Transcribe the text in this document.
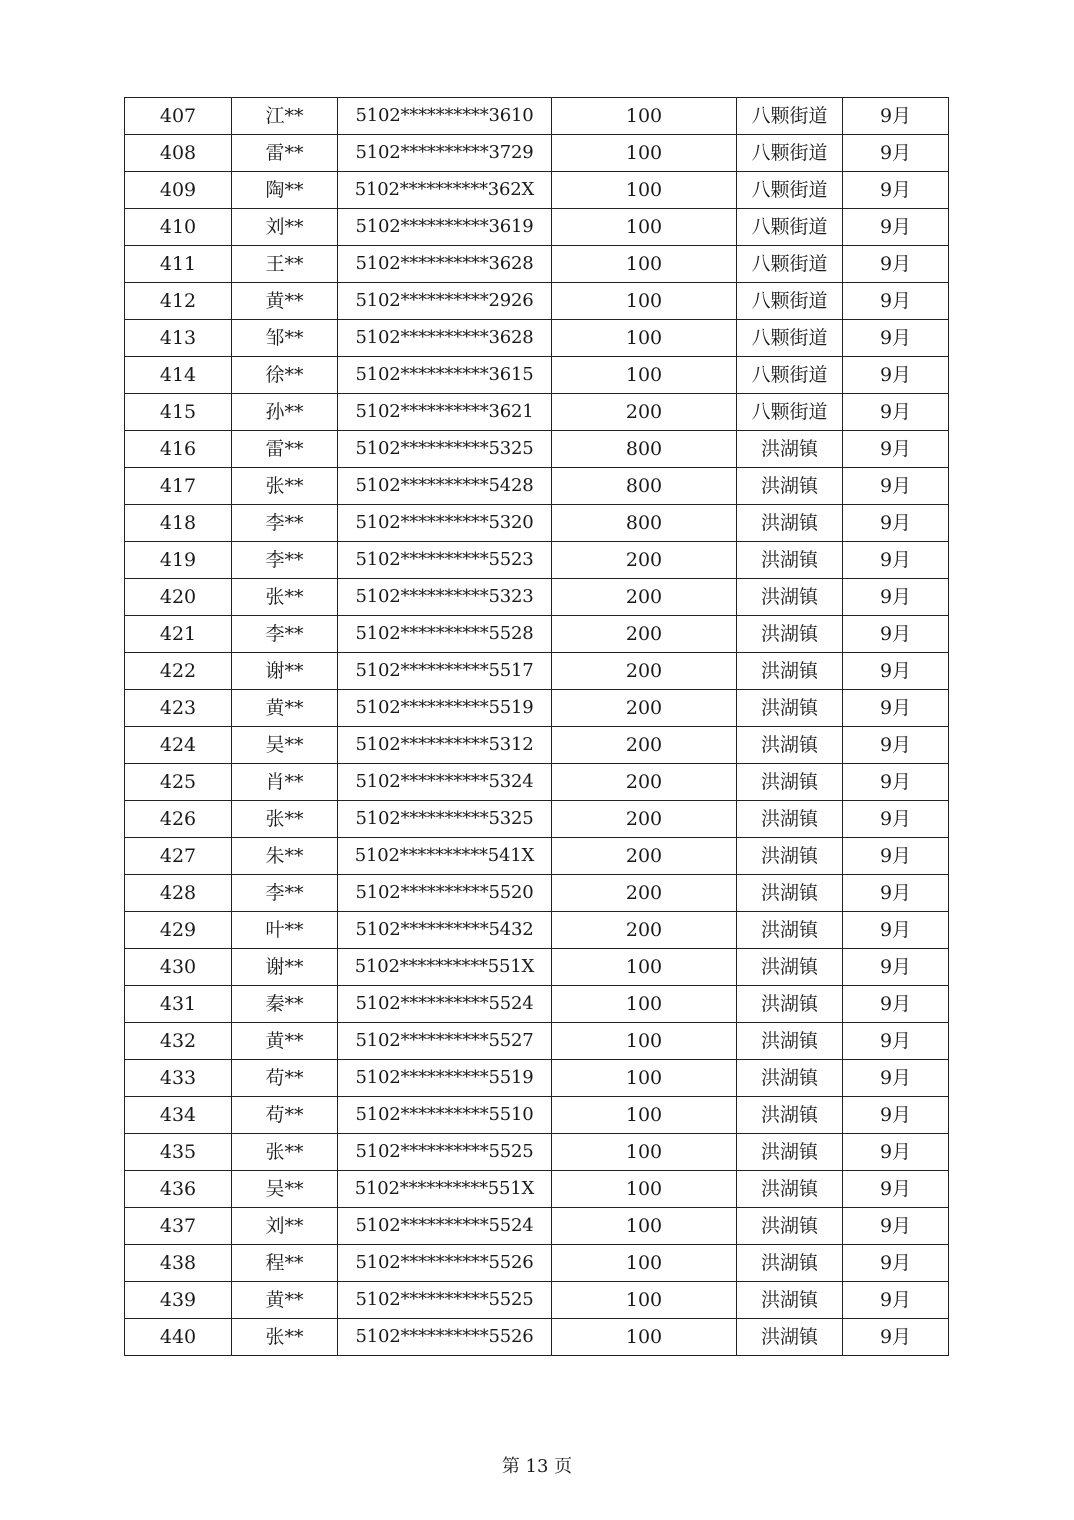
407	江**	5102**********3610	100	八颗街道	9月
408	雷**	5102**********3729	100	八颗街道	9月
409	陶**	5102**********362X	100	八颗街道	9月
410	刘**	5102**********3619	100	八颗街道	9月
411	王**	5102**********3628	100	八颗街道	9月
412	黄**	5102**********2926	100	八颗街道	9月
413	邹**	5102**********3628	100	八颗街道	9月
414	徐**	5102**********3615	100	八颗街道	9月
415	孙**	5102**********3621	200	八颗街道	9月
416	雷**	5102**********5325	800	洪湖镇	9月
417	张**	5102**********5428	800	洪湖镇	9月
418	李**	5102**********5320	800	洪湖镇	9月
419	李**	5102**********5523	200	洪湖镇	9月
420	张**	5102**********5323	200	洪湖镇	9月
421	李**	5102**********5528	200	洪湖镇	9月
422	谢**	5102**********5517	200	洪湖镇	9月
423	黄**	5102**********5519	200	洪湖镇	9月
424	吴**	5102**********5312	200	洪湖镇	9月
425	肖**	5102**********5324	200	洪湖镇	9月
426	张**	5102**********5325	200	洪湖镇	9月
427	朱**	5102**********541X	200	洪湖镇	9月
428	李**	5102**********5520	200	洪湖镇	9月
429	叶**	5102**********5432	200	洪湖镇	9月
430	谢**	5102**********551X	100	洪湖镇	9月
431	秦**	5102**********5524	100	洪湖镇	9月
432	黄**	5102**********5527	100	洪湖镇	9月
433	苟**	5102**********5519	100	洪湖镇	9月
434	苟**	5102**********5510	100	洪湖镇	9月
435	张**	5102**********5525	100	洪湖镇	9月
436	吴**	5102**********551X	100	洪湖镇	9月
437	刘**	5102**********5524	100	洪湖镇	9月
438	程**	5102**********5526	100	洪湖镇	9月
439	黄**	5102**********5525	100	洪湖镇	9月
440	张**	5102**********5526	100	洪湖镇	9月
第 13 页
